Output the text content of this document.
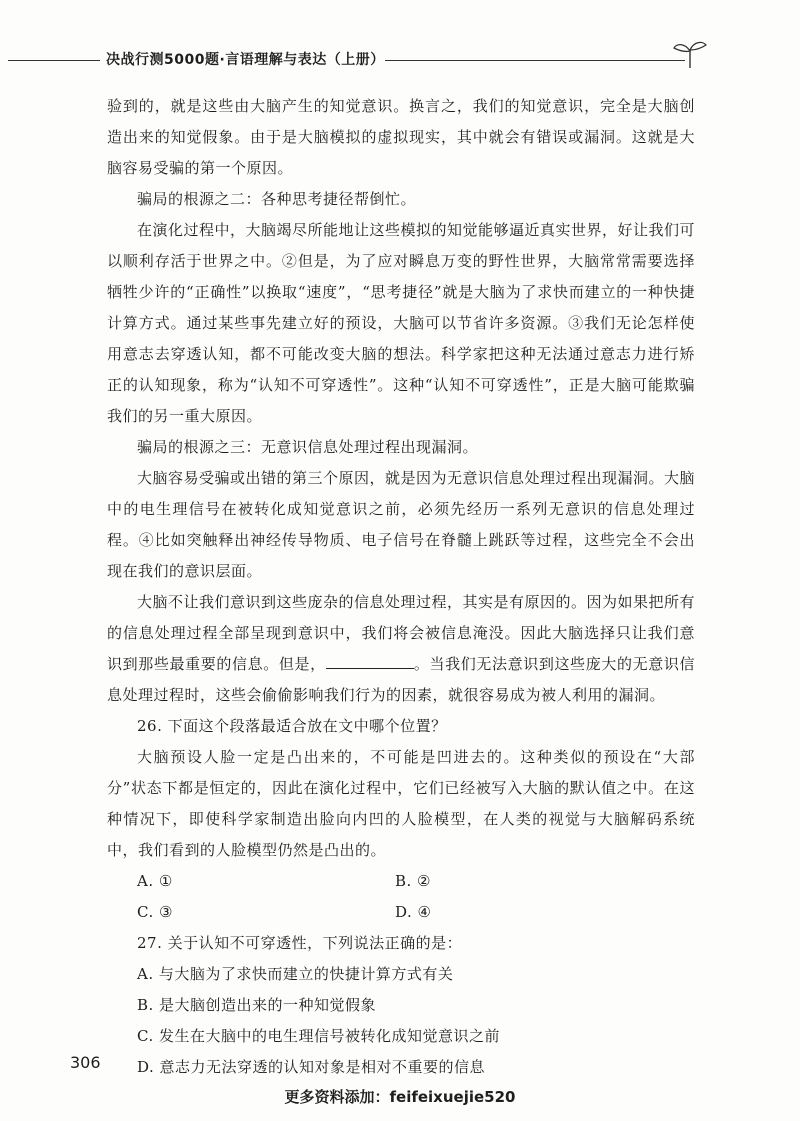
决战行测5000题·言语理解与表达（上册）

验到的，就是这些由大脑产生的知觉意识。换言之，我们的知觉意识，完全是大脑创造出来的知觉假象。由于是大脑模拟的虚拟现实，其中就会有错误或漏洞。这就是大脑容易受骗的第一个原因。

骗局的根源之二：各种思考捷径帮倒忙。

在演化过程中，大脑竭尽所能地让这些模拟的知觉能够逼近真实世界，好让我们可以顺利存活于世界之中。②但是，为了应对瞬息万变的野性世界，大脑常常需要选择牺牲少许的“正确性”以换取“速度”，“思考捷径”就是大脑为了求快而建立的一种快捷计算方式。通过某些事先建立好的预设，大脑可以节省许多资源。③我们无论怎样使用意志去穿透认知，都不可能改变大脑的想法。科学家把这种无法通过意志力进行矫正的认知现象，称为“认知不可穿透性”。这种“认知不可穿透性”，正是大脑可能欺骗我们的另一重大原因。

骗局的根源之三：无意识信息处理过程出现漏洞。

大脑容易受骗或出错的第三个原因，就是因为无意识信息处理过程出现漏洞。大脑中的电生理信号在被转化成知觉意识之前，必须先经历一系列无意识的信息处理过程。④比如突触释出神经传导物质、电子信号在脊髓上跳跃等过程，这些完全不会出现在我们的意识层面。

大脑不让我们意识到这些庞杂的信息处理过程，其实是有原因的。因为如果把所有的信息处理过程全部呈现到意识中，我们将会被信息淹没。因此大脑选择只让我们意识到那些最重要的信息。但是，	。当我们无法意识到这些庞大的无意识信息处理过程时，这些会偷偷影响我们行为的因素，就很容易成为被人利用的漏洞。

26. 下面这个段落最适合放在文中哪个位置？

大脑预设人脸一定是凸出来的，不可能是凹进去的。这种类似的预设在“大部分”状态下都是恒定的，因此在演化过程中，它们已经被写入大脑的默认值之中。在这种情况下，即使科学家制造出脸向内凹的人脸模型，在人类的视觉与大脑解码系统中，我们看到的人脸模型仍然是凸出的。

A. ①	B. ②
C. ③	D. ④

27. 关于认知不可穿透性，下列说法正确的是：

A. 与大脑为了求快而建立的快捷计算方式有关

B. 是大脑创造出来的一种知觉假象

C. 发生在大脑中的电生理信号被转化成知觉意识之前

D. 意志力无法穿透的认知对象是相对不重要的信息

306
更多资料添加：feifeixuejie520
